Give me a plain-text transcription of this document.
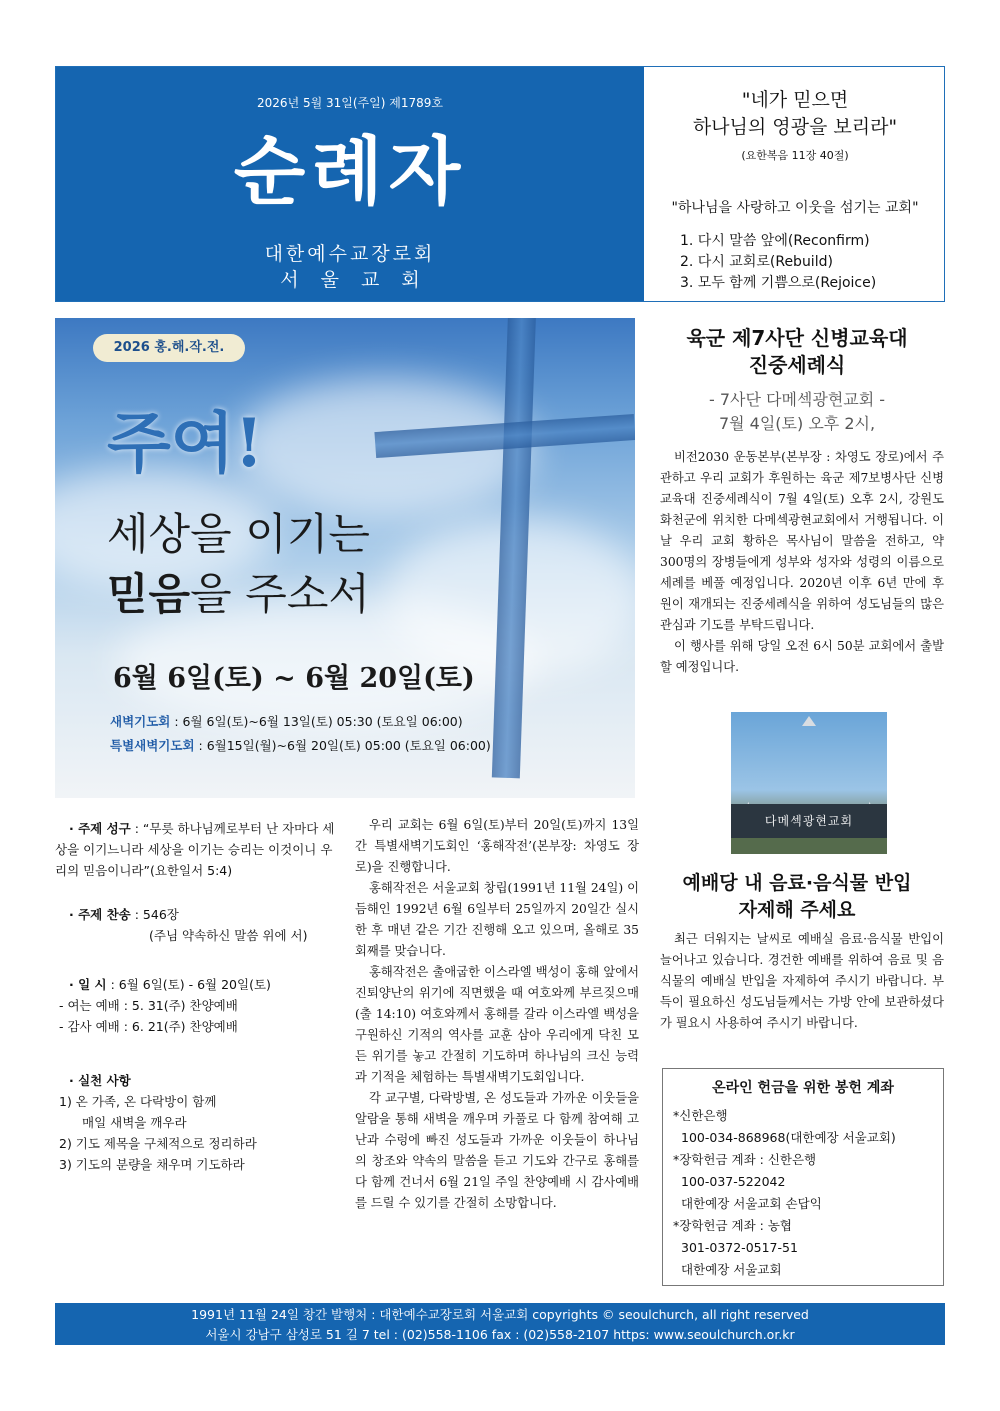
2026년 5월 31일(주일) 제1789호
순례자
대한예수교장로회
서울교회
"네가 믿으면
하나님의 영광을 보리라"
(요한복음 11장 40절)
"하나님을 사랑하고 이웃을 섬기는 교회"
1. 다시 말씀 앞에(Reconfirm)
2. 다시 교회로(Rebuild)
3. 모두 함께 기쁨으로(Rejoice)
2026 홍.해.작.전.
주여!
세상을 이기는
믿음을 주소서
6월 6일(토) ~ 6월 20일(토)
새벽기도회 : 6월 6일(토)~6월 13일(토) 05:30 (토요일 06:00)
특별새벽기도회 : 6월15일(월)~6월 20일(토) 05:00 (토요일 06:00)
· 주제 성구 : “무릇 하나님께로부터 난 자마다 세상을 이기느니라 세상을 이기는 승리는 이것이니 우리의 믿음이니라”(요한일서 5:4)
· 주제 찬송 : 546장
(주님 약속하신 말씀 위에 서)
· 일 시 : 6월 6일(토) - 6월 20일(토)
- 여는 예배 : 5. 31(주) 찬양예배
- 감사 예배 : 6. 21(주) 찬양예배
· 실천 사항
1) 온 가족, 온 다락방이 함께
매일 새벽을 깨우라
2) 기도 제목을 구체적으로 정리하라
3) 기도의 분량을 채우며 기도하라

우리 교회는 6월 6일(토)부터 20일(토)까지 13일간 특별새벽기도회인 ‘홍해작전’(본부장: 차영도 장로)을 진행합니다.

홍해작전은 서울교회 창립(1991년 11월 24일) 이듬해인 1992년 6월 6일부터 25일까지 20일간 실시한 후 매년 같은 기간 진행해 오고 있으며, 올해로 35회째를 맞습니다.

홍해작전은 출애굽한 이스라엘 백성이 홍해 앞에서 진퇴양난의 위기에 직면했을 때 여호와께 부르짖으매(출 14:10) 여호와께서 홍해를 갈라 이스라엘 백성을 구원하신 기적의 역사를 교훈 삼아 우리에게 닥친 모든 위기를 놓고 간절히 기도하며 하나님의 크신 능력과 기적을 체험하는 특별새벽기도회입니다.

각 교구별, 다락방별, 온 성도들과 가까운 이웃들을 알람을 통해 새벽을 깨우며 카풀로 다 함께 참여해 고난과 수렁에 빠진 성도들과 가까운 이웃들이 하나님의 창조와 약속의 말씀을 듣고 기도와 간구로 홍해를 다 함께 건너서 6월 21일 주일 찬양예배 시 감사예배를 드릴 수 있기를 간절히 소망합니다.

육군 제7사단 신병교육대
진중세례식
- 7사단 다메섹광현교회 -
7월 4일(토) 오후 2시,

비전2030 운동본부(본부장 : 차영도 장로)에서 주관하고 우리 교회가 후원하는 육군 제7보병사단 신병교육대 진중세례식이 7월 4일(토) 오후 2시, 강원도 화천군에 위치한 다메섹광현교회에서 거행됩니다. 이날 우리 교회 황하은 목사님이 말씀을 전하고, 약 300명의 장병들에게 성부와 성자와 성령의 이름으로 세례를 베풀 예정입니다. 2020년 이후 6년 만에 후원이 재개되는 진중세례식을 위하여 성도님들의 많은 관심과 기도를 부탁드립니다.

이 행사를 위해 당일 오전 6시 50분 교회에서 출발할 예정입니다.

다메섹광현교회
예배당 내 음료·음식물 반입
자제해 주세요

최근 더워지는 날씨로 예배실 음료·음식물 반입이 늘어나고 있습니다. 경건한 예배를 위하여 음료 및 음식물의 예배실 반입을 자제하여 주시기 바랍니다. 부득이 필요하신 성도님들께서는 가방 안에 보관하셨다가 필요시 사용하여 주시기 바랍니다.

온라인 헌금을 위한 봉헌 계좌
*신한은행
100-034-868968(대한예장 서울교회)
*장학헌금 계좌 : 신한은행
100-037-522042
대한예장 서울교회 손답익
*장학헌금 계좌 : 농협
301-0372-0517-51
대한예장 서울교회
1991년 11월 24일 창간 발행처 : 대한예수교장로회 서울교회 copyrights © seoulchurch, all right reserved
서울시 강남구 삼성로 51 길 7 tel : (02)558-1106 fax : (02)558-2107 https: www.seoulchurch.or.kr
